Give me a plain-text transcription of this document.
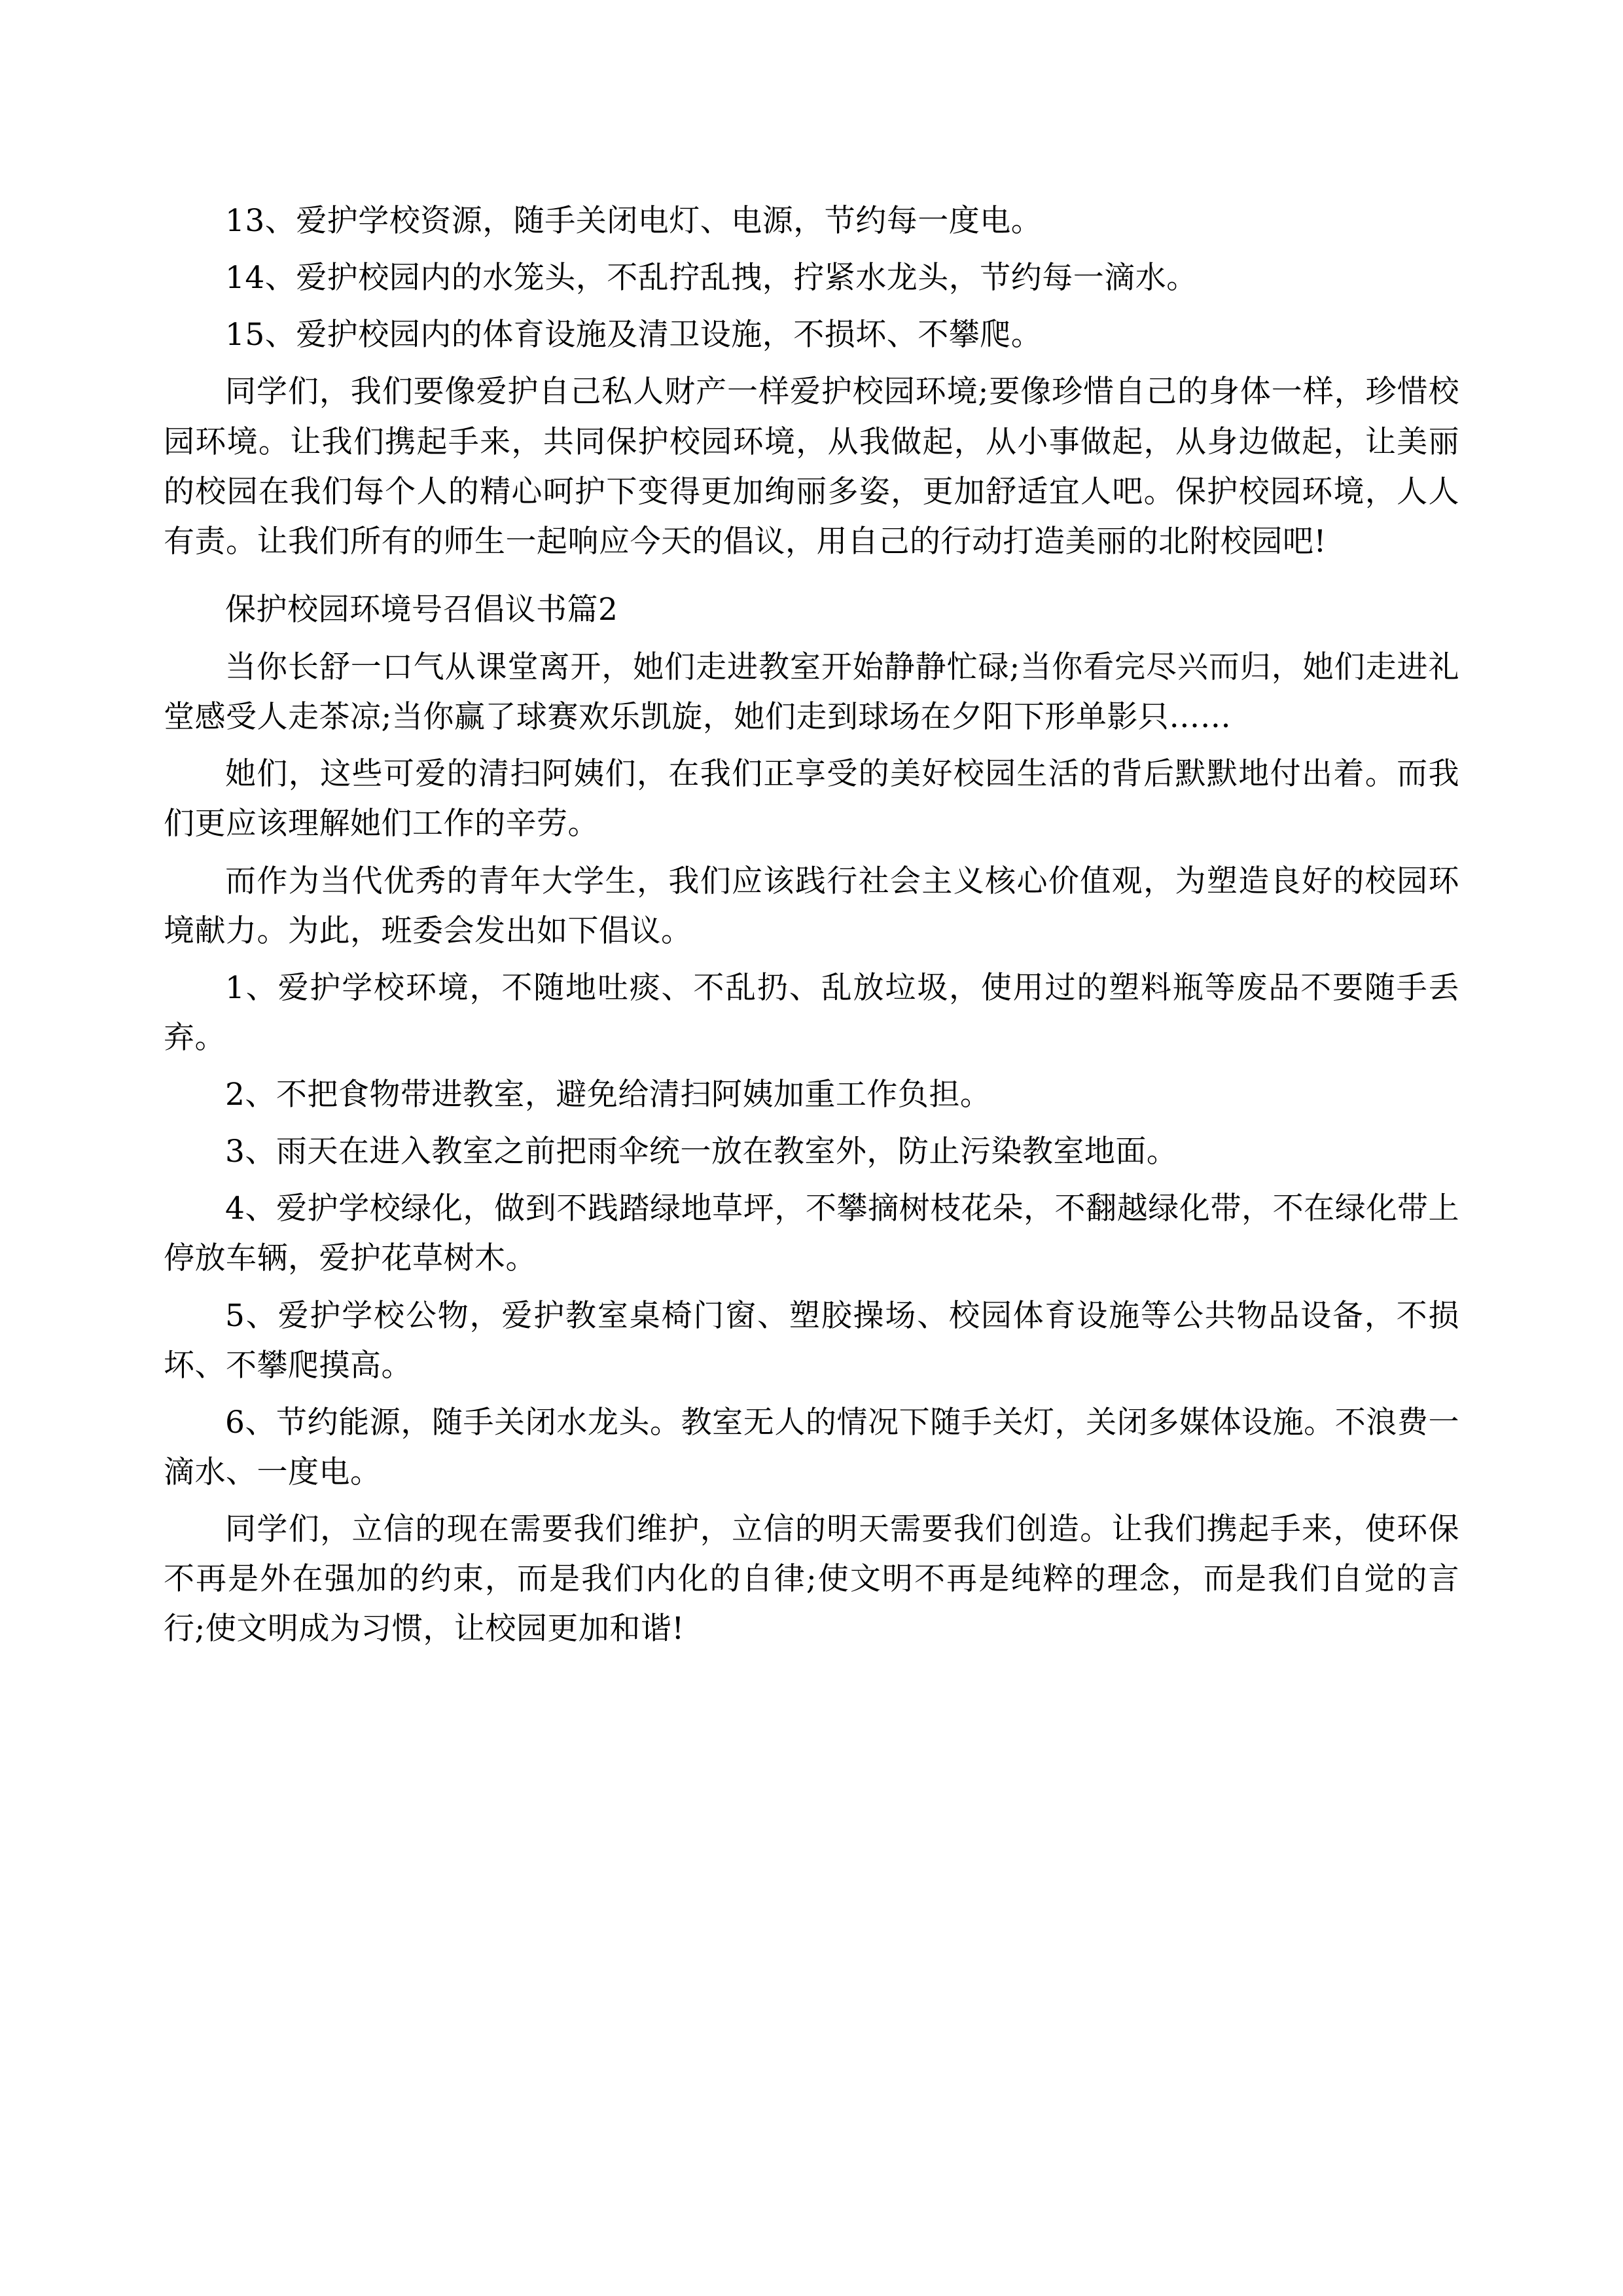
13、爱护学校资源，随手关闭电灯、电源，节约每一度电。

14、爱护校园内的水笼头，不乱拧乱拽，拧紧水龙头，节约每一滴水。

15、爱护校园内的体育设施及清卫设施，不损坏、不攀爬。

同学们，我们要像爱护自己私人财产一样爱护校园环境;要像珍惜自己的身体一样，珍惜校园环境。让我们携起手来，共同保护校园环境，从我做起，从小事做起，从身边做起，让美丽的校园在我们每个人的精心呵护下变得更加绚丽多姿，更加舒适宜人吧。保护校园环境，人人有责。让我们所有的师生一起响应今天的倡议，用自己的行动打造美丽的北附校园吧!

保护校园环境号召倡议书篇2

当你长舒一口气从课堂离开，她们走进教室开始静静忙碌;当你看完尽兴而归，她们走进礼堂感受人走茶凉;当你赢了球赛欢乐凯旋，她们走到球场在夕阳下形单影只……

她们，这些可爱的清扫阿姨们，在我们正享受的美好校园生活的背后默默地付出着。而我们更应该理解她们工作的辛劳。

而作为当代优秀的青年大学生，我们应该践行社会主义核心价值观，为塑造良好的校园环境献力。为此，班委会发出如下倡议。

1、爱护学校环境，不随地吐痰、不乱扔、乱放垃圾，使用过的塑料瓶等废品不要随手丢弃。

2、不把食物带进教室，避免给清扫阿姨加重工作负担。

3、雨天在进入教室之前把雨伞统一放在教室外，防止污染教室地面。

4、爱护学校绿化，做到不践踏绿地草坪，不攀摘树枝花朵，不翻越绿化带，不在绿化带上停放车辆，爱护花草树木。

5、爱护学校公物，爱护教室桌椅门窗、塑胶操场、校园体育设施等公共物品设备，不损坏、不攀爬摸高。

6、节约能源，随手关闭水龙头。教室无人的情况下随手关灯，关闭多媒体设施。不浪费一滴水、一度电。

同学们，立信的现在需要我们维护，立信的明天需要我们创造。让我们携起手来，使环保不再是外在强加的约束，而是我们内化的自律;使文明不再是纯粹的理念，而是我们自觉的言行;使文明成为习惯，让校园更加和谐!
